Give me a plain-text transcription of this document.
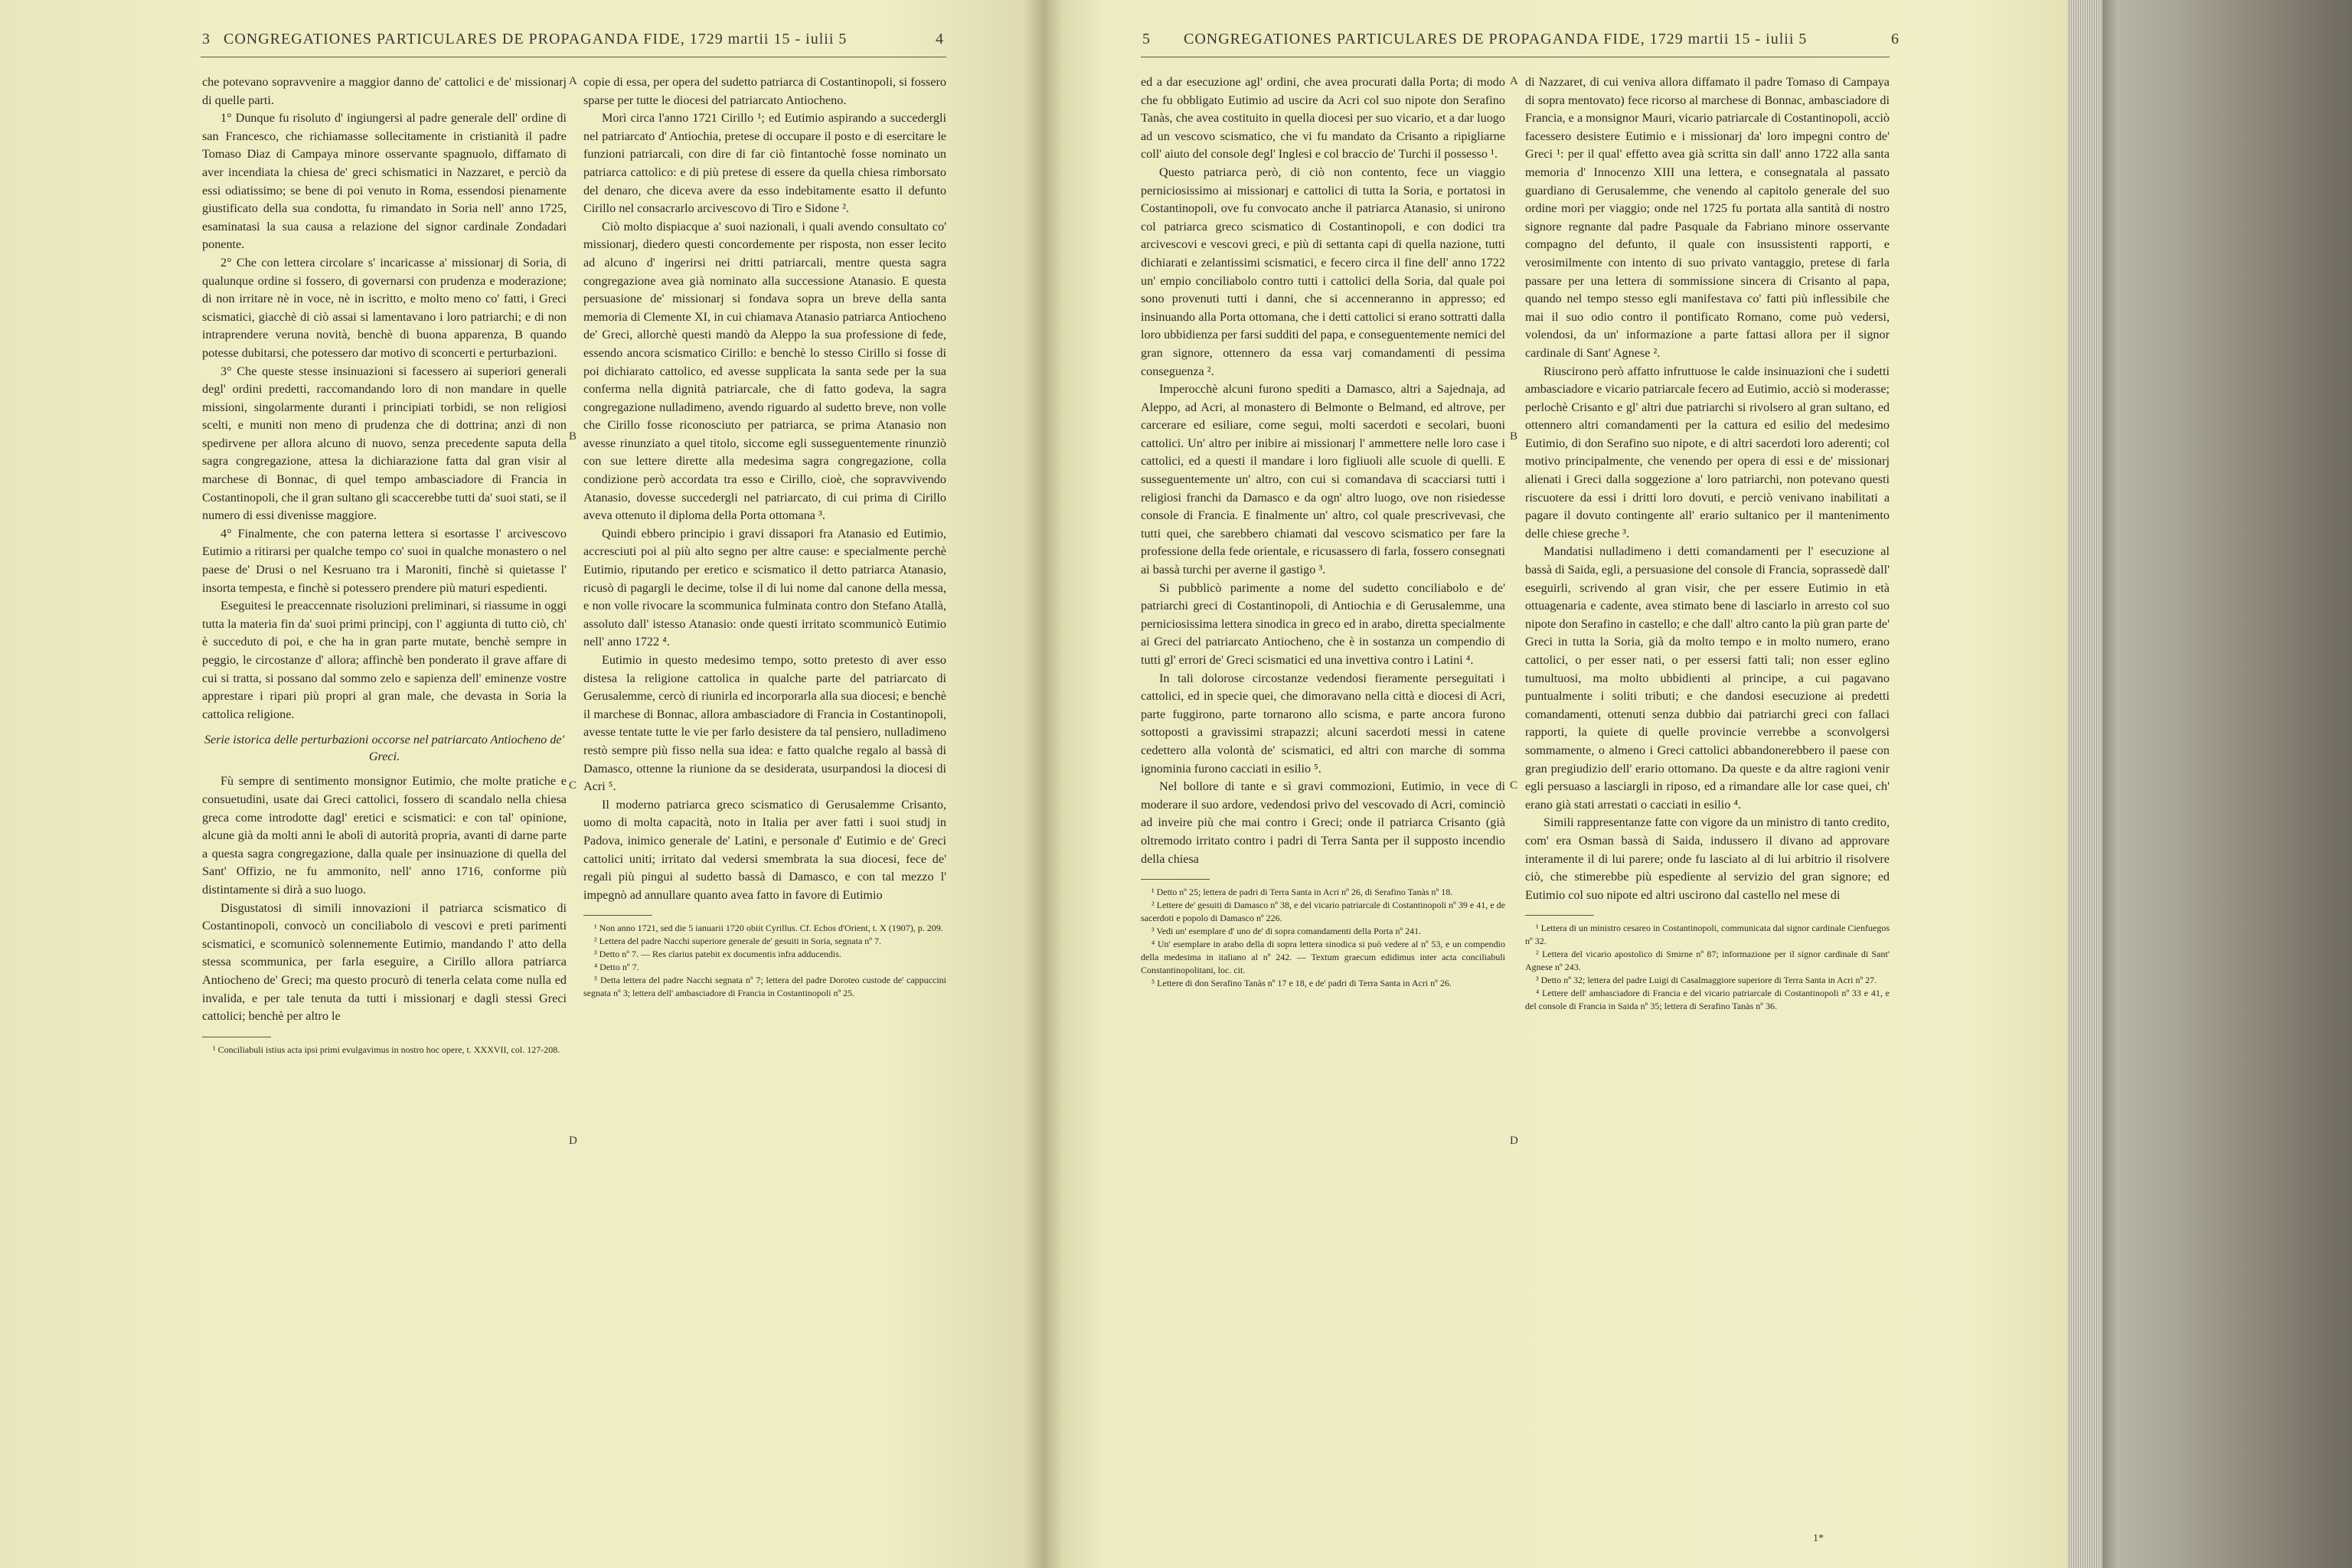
3 CONGREGATIONES PARTICULARES DE PROPAGANDA FIDE, 1729 martii 15 - iulii 5	4	5 CONGREGATIONES PARTICULARES DE PROPAGANDA FIDE, 1729 martii 15 - iulii 5	6

che potevano sopravvenire a maggior danno de' cattolici e de' missionarj di quelle parti.

1° Dunque fu risoluto d' ingiungersi al padre generale dell' ordine di san Francesco, che richiamasse sollecitamente in cristianità il padre Tomaso Diaz di Campaya minore osservante spagnuolo, diffamato di aver incendiata la chiesa de' greci schismatici in Nazzaret, e perciò da essi odiatissimo; se bene di poi venuto in Roma, essendosi pienamente giustificato della sua condotta, fu rimandato in Soria nell' anno 1725, esaminatasi la sua causa a relazione del signor cardinale Zondadari ponente.

2° Che con lettera circolare s' incaricasse a' missionarj di Soria, di qualunque ordine si fossero, di governarsi con prudenza e moderazione; di non irritare nè in voce, nè in iscritto, e molto meno co' fatti, i Greci scismatici, giacchè di ciò assai si lamentavano i loro patriarchi; e di non intraprendere veruna novità, benchè di buona apparenza, B quando potesse dubitarsi, che potessero dar motivo di sconcerti e perturbazioni.

3° Che queste stesse insinuazioni si facessero ai superiori generali degl' ordini predetti, raccomandando loro di non mandare in quelle missioni, singolarmente duranti i principiati torbidi, se non religiosi scelti, e muniti non meno di prudenza che di dottrina; anzi di non spedirvene per allora alcuno di nuovo, senza precedente saputa della sagra congregazione, attesa la dichiarazione fatta dal gran visir al marchese di Bonnac, di quel tempo ambasciadore di Francia in Costantinopoli, che il gran sultano gli scaccerebbe tutti da' suoi stati, se il numero di essi divenisse maggiore.

4° Finalmente, che con paterna lettera si esortasse l' arcivescovo Eutimio a ritirarsi per qualche tempo co' suoi in qualche monastero o nel paese de' Drusi o nel Kesruano tra i Maroniti, finchè si quietasse l' insorta tempesta, e finchè si potessero prendere più maturi espedienti.

Eseguitesi le preaccennate risoluzioni preliminari, si riassume in oggi tutta la materia fin da' suoi primi principj, con l' aggiunta di tutto ciò, ch' è succeduto di poi, e che ha in gran parte mutate, benchè sempre in peggio, le circostanze d' allora; affinchè ben ponderato il grave affare di cui si tratta, si possano dal sommo zelo e sapienza dell' eminenze vostre apprestare i ripari più propri al gran male, che devasta in Soria la cattolica religione.

Serie istorica delle perturbazioni occorse nel patriarcato Antiocheno de' Greci.

Fù sempre di sentimento monsignor Eutimio, che molte pratiche e consuetudini, usate dai Greci cattolici, fossero di scandalo nella chiesa greca come introdotte dagl' eretici e scismatici: e con tal' opinione, alcune già da molti anni le abolì di autorità propria, avanti di darne parte a questa sagra congregazione, dalla quale per insinuazione di quella del Sant' Offizio, ne fu ammonito, nell' anno 1716, conforme più distintamente si dirà a suo luogo.

Disgustatosi di simili innovazioni il patriarca scismatico di Costantinopoli, convocò un conciliabolo di vescovi e preti parimenti scismatici, e scomunicò solennemente Eutimio, mandando l' atto della stessa scommunica, per farla eseguire, a Cirillo allora patriarca Antiocheno de' Greci; ma questo procurò di tenerla celata come nulla ed invalida, e per tale tenuta da tutti i missionarj e dagli stessi Greci cattolici; benchè per altro le

¹ Conciliabuli istius acta ipsi primi evulgavimus in nostro hoc opere, t. XXXVII, col. 127-208.

A
B
C
D

copie di essa, per opera del sudetto patriarca di Costantinopoli, si fossero sparse per tutte le diocesi del patriarcato Antiocheno.

Morì circa l'anno 1721 Cirillo ¹; ed Eutimio aspirando a succedergli nel patriarcato d' Antiochia, pretese di occupare il posto e di esercitare le funzioni patriarcali, con dire di far ciò fintantochè fosse nominato un patriarca cattolico: e di più pretese di essere da quella chiesa rimborsato del denaro, che diceva avere da esso indebitamente esatto il defunto Cirillo nel consacrarlo arcivescovo di Tiro e Sidone ².

Ciò molto dispiacque a' suoi nazionali, i quali avendo consultato co' missionarj, diedero questi concordemente per risposta, non esser lecito ad alcuno d' ingerirsi nei dritti patriarcali, mentre questa sagra congregazione avea già nominato alla successione Atanasio. E questa persuasione de' missionarj si fondava sopra un breve della santa memoria di Clemente XI, in cui chiamava Atanasio patriarca Antiocheno de' Greci, allorchè questi mandò da Aleppo la sua professione di fede, essendo ancora scismatico Cirillo: e benchè lo stesso Cirillo si fosse di poi dichiarato cattolico, ed avesse supplicata la santa sede per la sua conferma nella dignità patriarcale, che di fatto godeva, la sagra congregazione nulladimeno, avendo riguardo al sudetto breve, non volle che Cirillo fosse riconosciuto per patriarca, se prima Atanasio non avesse rinunziato a quel titolo, siccome egli susseguentemente rinunziò con sue lettere dirette alla medesima sagra congregazione, colla condizione però accordata tra esso e Cirillo, cioè, che sopravvivendo Atanasio, dovesse succedergli nel patriarcato, di cui prima di Cirillo aveva ottenuto il diploma della Porta ottomana ³.

Quindi ebbero principio i gravi dissapori fra Atanasio ed Eutimio, accresciuti poi al più alto segno per altre cause: e specialmente perchè Eutimio, riputando per eretico e scismatico il detto patriarca Atanasio, ricusò di pagargli le decime, tolse il di lui nome dal canone della messa, e non volle rivocare la scommunica fulminata contro don Stefano Atallà, assoluto dall' istesso Atanasio: onde questi irritato scommunicò Eutimio nell' anno 1722 ⁴.

Eutimio in questo medesimo tempo, sotto pretesto di aver esso distesa la religione cattolica in qualche parte del patriarcato di Gerusalemme, cercò di riunirla ed incorporarla alla sua diocesi; e benchè il marchese di Bonnac, allora ambasciadore di Francia in Costantinopoli, avesse tentate tutte le vie per farlo desistere da tal pensiero, nulladimeno restò sempre più fisso nella sua idea: e fatto qualche regalo al bassà di Damasco, ottenne la riunione da se desiderata, usurpandosi la diocesi di Acri ⁵.

Il moderno patriarca greco scismatico di Gerusalemme Crisanto, uomo di molta capacità, noto in Italia per aver fatti i suoi studj in Padova, inimico generale de' Latini, e personale d' Eutimio e de' Greci cattolici uniti; irritato dal vedersi smembrata la sua diocesi, fece de' regali più pingui al sudetto bassà di Damasco, e con tal mezzo l' impegnò ad annullare quanto avea fatto in favore di Eutimio

¹ Non anno 1721, sed die 5 ianuarii 1720 obiit Cyrillus. Cf. Echos d'Orient, t. X (1907), p. 209.

² Lettera del padre Nacchi superiore generale de' gesuiti in Soria, segnata nº 7.

³ Detto nº 7. — Res clarius patebit ex documentis infra adducendis.

⁴ Detto nº 7.

⁵ Detta lettera del padre Nacchi segnata nº 7; lettera del padre Doroteo custode de' cappuccini segnata nº 3; lettera dell' ambasciadore di Francia in Costantinopoli nº 25.

ed a dar esecuzione agl' ordini, che avea procurati dalla Porta; di modo che fu obbligato Eutimio ad uscire da Acri col suo nipote don Serafino Tanàs, che avea costituito in quella diocesi per suo vicario, et a dar luogo ad un vescovo scismatico, che vi fu mandato da Crisanto a ripigliarne coll' aiuto del console degl' Inglesi e col braccio de' Turchi il possesso ¹.

Questo patriarca però, di ciò non contento, fece un viaggio perniciosissimo ai missionarj e cattolici di tutta la Soria, e portatosi in Costantinopoli, ove fu convocato anche il patriarca Atanasio, si unirono col patriarca greco scismatico di Costantinopoli, e con dodici tra arcivescovi e vescovi greci, e più di settanta capi di quella nazione, tutti dichiarati e zelantissimi scismatici, e fecero circa il fine dell' anno 1722 un' empio conciliabolo contro tutti i cattolici della Soria, dal quale poi sono provenuti tutti i danni, che si accenneranno in appresso; ed insinuando alla Porta ottomana, che i detti cattolici si erano sottratti dalla loro ubbidienza per farsi sudditi del papa, e conseguentemente nemici del gran signore, ottennero da essa varj comandamenti di pessima conseguenza ².

Imperocchè alcuni furono spediti a Damasco, altri a Sajednaja, ad Aleppo, ad Acri, al monastero di Belmonte o Belmand, ed altrove, per carcerare ed esiliare, come segui, molti sacerdoti e secolari, buoni cattolici. Un' altro per inibire ai missionarj l' ammettere nelle loro case i cattolici, ed a questi il mandare i loro figliuoli alle scuole di quelli. E susseguentemente un' altro, con cui si comandava di scacciarsi tutti i religiosi franchi da Damasco e da ogn' altro luogo, ove non risiedesse console di Francia. E finalmente un' altro, col quale prescrivevasi, che tutti quei, che sarebbero chiamati dal vescovo scismatico per fare la professione della fede orientale, e ricusassero di farla, fossero consegnati ai bassà turchi per averne il gastigo ³.

Si pubblicò parimente a nome del sudetto conciliabolo e de' patriarchi greci di Costantinopoli, di Antiochia e di Gerusalemme, una perniciosissima lettera sinodica in greco ed in arabo, diretta specialmente ai Greci del patriarcato Antiocheno, che è in sostanza un compendio di tutti gl' errori de' Greci scismatici ed una invettiva contro i Latini ⁴.

In tali dolorose circostanze vedendosi fieramente perseguitati i cattolici, ed in specie quei, che dimoravano nella città e diocesi di Acri, parte fuggirono, parte tornarono allo scisma, e parte ancora furono sottoposti a gravissimi strapazzi; alcuni sacerdoti messi in catene cedettero alla volontà de' scismatici, ed altri con marche di somma ignominia furono cacciati in esilio ⁵.

Nel bollore di tante e sì gravi commozioni, Eutimio, in vece di moderare il suo ardore, vedendosi privo del vescovado di Acri, cominciò ad inveire più che mai contro i Greci; onde il patriarca Crisanto (già oltremodo irritato contro i padri di Terra Santa per il supposto incendio della chiesa

¹ Detto nº 25; lettera de padri di Terra Santa in Acri nº 26, di Serafino Tanàs nº 18.

² Lettere de' gesuiti di Damasco nº 38, e del vicario patriarcale di Costantinopoli nº 39 e 41, e de sacerdoti e popolo di Damasco nº 226.

³ Vedi un' esemplare d' uno de' di sopra comandamenti della Porta nº 241.

⁴ Un' esemplare in arabo della di sopra lettera sinodica si può vedere al nº 53, e un compendio della medesima in italiano al nº 242. — Textum graecum edidimus inter acta conciliabuli Constantinopolitani, loc. cit.

⁵ Lettere di don Serafino Tanàs nº 17 e 18, e de' padri di Terra Santa in Acri nº 26.

A
B
C
D

di Nazzaret, di cui veniva allora diffamato il padre Tomaso di Campaya di sopra mentovato) fece ricorso al marchese di Bonnac, ambasciadore di Francia, e a monsignor Mauri, vicario patriarcale di Costantinopoli, acciò facessero desistere Eutimio e i missionarj da' loro impegni contro de' Greci ¹: per il qual' effetto avea già scritta sin dall' anno 1722 alla santa memoria d' Innocenzo XIII una lettera, e consegnatala al passato guardiano di Gerusalemme, che venendo al capitolo generale del suo ordine morì per viaggio; onde nel 1725 fu portata alla santità di nostro signore regnante dal padre Pasquale da Fabriano minore osservante compagno del defunto, il quale con insussistenti rapporti, e verosimilmente con intento di suo privato vantaggio, pretese di farla passare per una lettera di sommissione sincera di Crisanto al papa, quando nel tempo stesso egli manifestava co' fatti più inflessibile che mai il suo odio contro il pontificato Romano, come può vedersi, volendosi, da un' informazione a parte fattasi allora per il signor cardinale di Sant' Agnese ².

Riuscirono però affatto infruttuose le calde insinuazioni che i sudetti ambasciadore e vicario patriarcale fecero ad Eutimio, acciò si moderasse; perlochè Crisanto e gl' altri due patriarchi si rivolsero al gran sultano, ed ottennero altri comandamenti per la cattura ed esilio del medesimo Eutimio, di don Serafino suo nipote, e di altri sacerdoti loro aderenti; col motivo principalmente, che venendo per opera di essi e de' missionarj alienati i Greci dalla soggezione a' loro patriarchi, non potevano questi riscuotere da essi i dritti loro dovuti, e perciò venivano inabilitati a pagare il dovuto contingente all' erario sultanico per il mantenimento delle chiese greche ³.

Mandatisi nulladimeno i detti comandamenti per l' esecuzione al bassà di Saida, egli, a persuasione del console di Francia, soprassedè dall' eseguirli, scrivendo al gran visir, che per essere Eutimio in età ottuagenaria e cadente, avea stimato bene di lasciarlo in arresto col suo nipote don Serafino in castello; e che dall' altro canto la più gran parte de' Greci in tutta la Soria, già da molto tempo e in molto numero, erano cattolici, o per esser nati, o per essersi fatti tali; non esser eglino tumultuosi, ma molto ubbidienti al principe, a cui pagavano puntualmente i soliti tributi; e che dandosi esecuzione ai predetti comandamenti, ottenuti senza dubbio dai patriarchi greci con fallaci rapporti, la quiete di quelle provincie verrebbe a sconvolgersi sommamente, o almeno i Greci cattolici abbandonerebbero il paese con gran pregiudizio dell' erario ottomano. Da queste e da altre ragioni venir egli persuaso a lasciargli in riposo, ed a rimandare alle lor case quei, ch' erano già stati arrestati o cacciati in esilio ⁴.

Simili rappresentanze fatte con vigore da un ministro di tanto credito, com' era Osman bassà di Saida, indussero il divano ad approvare interamente il di lui parere; onde fu lasciato al di lui arbitrio il risolvere ciò, che stimerebbe più espediente al servizio del gran signore; ed Eutimio col suo nipote ed altri uscirono dal castello nel mese di

¹ Lettera di un ministro cesareo in Costantinopoli, communicata dal signor cardinale Cienfuegos nº 32.

² Lettera del vicario apostolico di Smirne nº 87; informazione per il signor cardinale di Sant' Agnese nº 243.

³ Detto nº 32; lettera del padre Luigi di Casalmaggiore superiore di Terra Santa in Acri nº 27.

⁴ Lettere dell' ambasciadore di Francia e del vicario patriarcale di Costantinopoli nº 33 e 41, e del console di Francia in Saida nº 35; lettera di Serafino Tanàs nº 36.

1*
